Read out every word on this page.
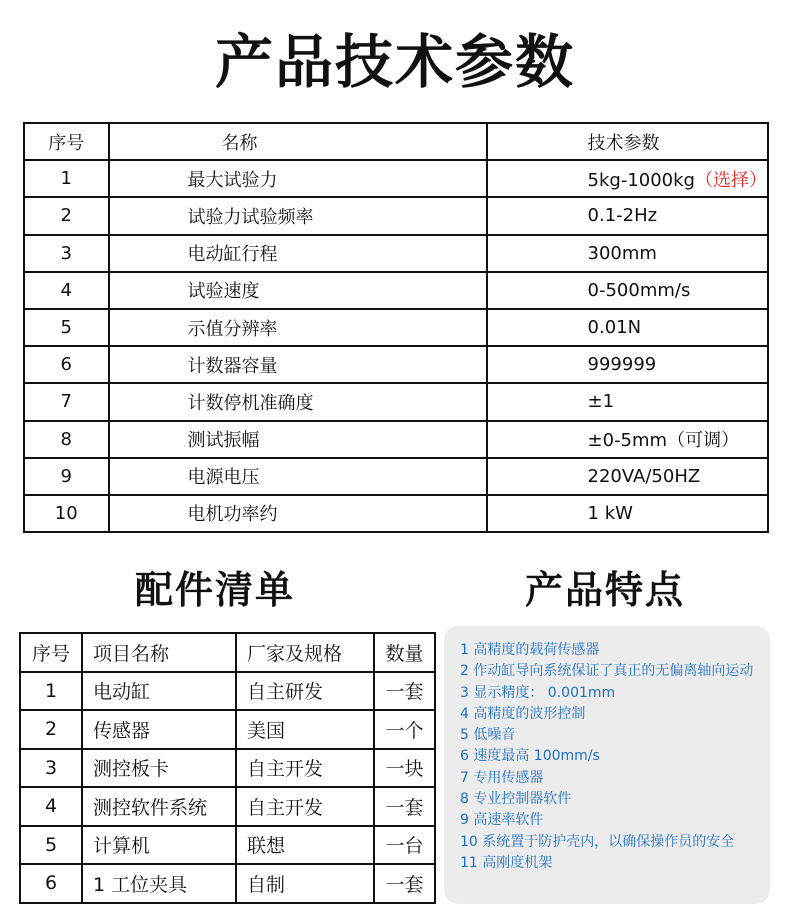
产品技术参数
序号	名称	技术参数
1	最大试验力	5kg-1000kg（选择）
2	试验力试验频率	0.1-2Hz
3	电动缸行程	300mm
4	试验速度	0-500mm/s
5	示值分辨率	0.01N
6	计数器容量	999999
7	计数停机准确度	±1
8	测试振幅	±0-5mm（可调）
9	电源电压	220VA/50HZ
10	电机功率约	1 kW
配件清单	产品特点
序号	项目名称	厂家及规格	数量
1	电动缸	自主研发	一套
2	传感器	美国	一个
3	测控板卡	自主开发	一块
4	测控软件系统	自主开发	一套
5	计算机	联想	一台
6	1 工位夹具	自制	一套

1 高精度的载荷传感器

2 作动缸导向系统保证了真正的无偏离轴向运动

3 显示精度： 0.001mm

4 高精度的波形控制

5 低噪音

6 速度最高 100mm/s

7 专用传感器

8 专业控制器软件

9 高速率软件

10 系统置于防护壳内，以确保操作员的安全

11 高刚度机架
